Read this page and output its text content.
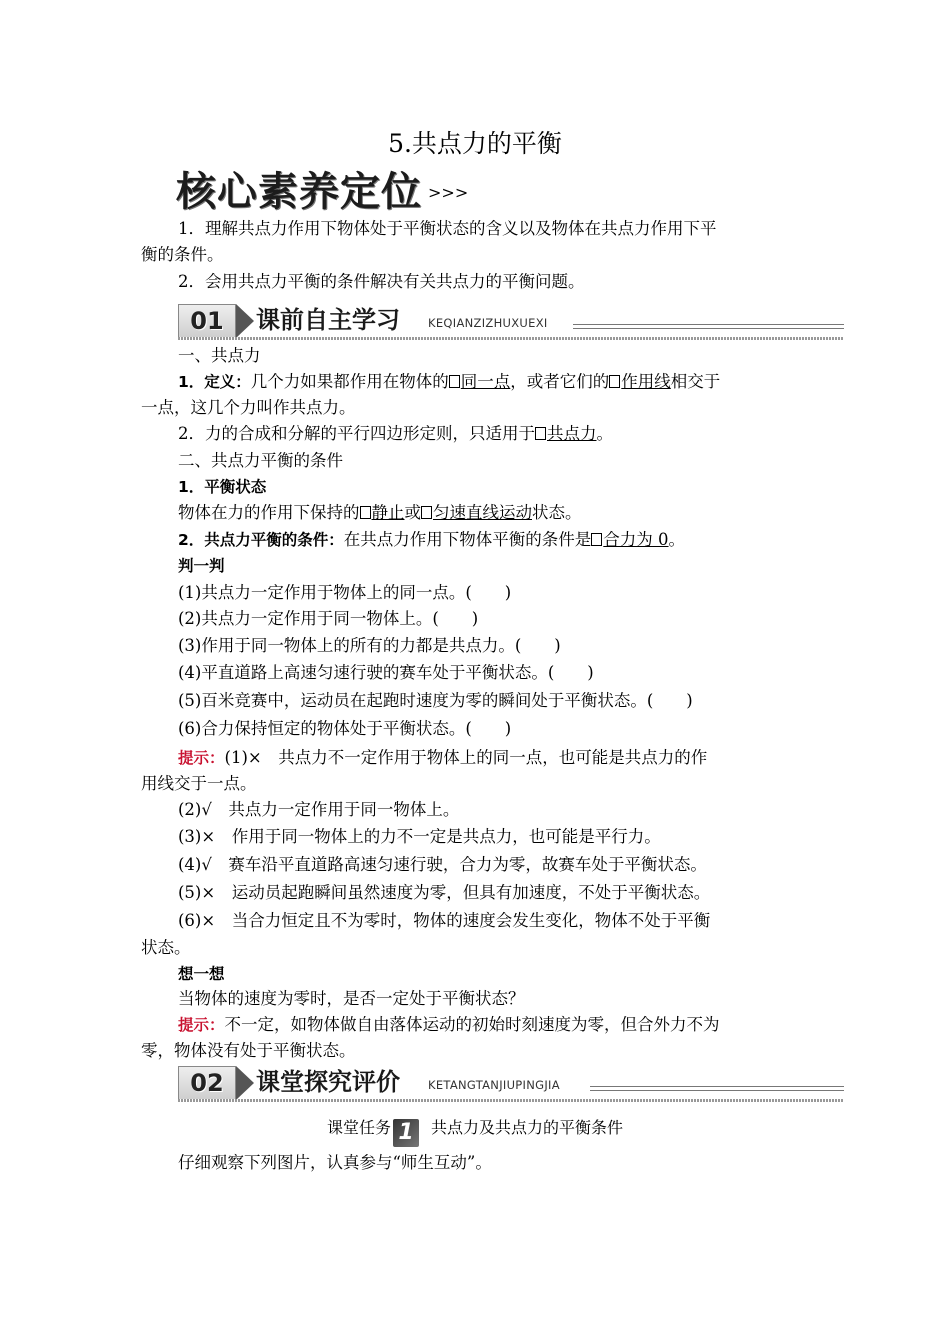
5.共点力的平衡
核心素养定位 >>>
1．理解共点力作用下物体处于平衡状态的含义以及物体在共点力作用下平
衡的条件。
2．会用共点力平衡的条件解决有关共点力的平衡问题。
01	课前自主学习 KEQIANZIZHUXUEXI
一、共点力
1．定义：几个力如果都作用在物体的 同一点，或者它们的 作用线相交于
一点，这几个力叫作共点力。
2．力的合成和分解的平行四边形定则，只适用于 共点力。
二、共点力平衡的条件
1．平衡状态
物体在力的作用下保持的 静止或 匀速直线运动状态。
2．共点力平衡的条件：在共点力作用下物体平衡的条件是 合力为 0。
判一判
(1)共点力一定作用于物体上的同一点。(　　)
(2)共点力一定作用于同一物体上。(　　)
(3)作用于同一物体上的所有的力都是共点力。(　　)
(4)平直道路上高速匀速行驶的赛车处于平衡状态。(　　)
(5)百米竞赛中，运动员在起跑时速度为零的瞬间处于平衡状态。(　　)
(6)合力保持恒定的物体处于平衡状态。(　　)
提示：(1)×　共点力不一定作用于物体上的同一点，也可能是共点力的作
用线交于一点。
(2)√　共点力一定作用于同一物体上。
(3)×　作用于同一物体上的力不一定是共点力，也可能是平行力。
(4)√　赛车沿平直道路高速匀速行驶，合力为零，故赛车处于平衡状态。
(5)×　运动员起跑瞬间虽然速度为零，但具有加速度，不处于平衡状态。
(6)×　当合力恒定且不为零时，物体的速度会发生变化，物体不处于平衡
状态。
想一想
当物体的速度为零时，是否一定处于平衡状态？
提示：不一定，如物体做自由落体运动的初始时刻速度为零，但合外力不为
零，物体没有处于平衡状态。
02	课堂探究评价 KETANGTANJIUPINGJIA
课堂任务 1 共点力及共点力的平衡条件
仔细观察下列图片，认真参与“师生互动”。
